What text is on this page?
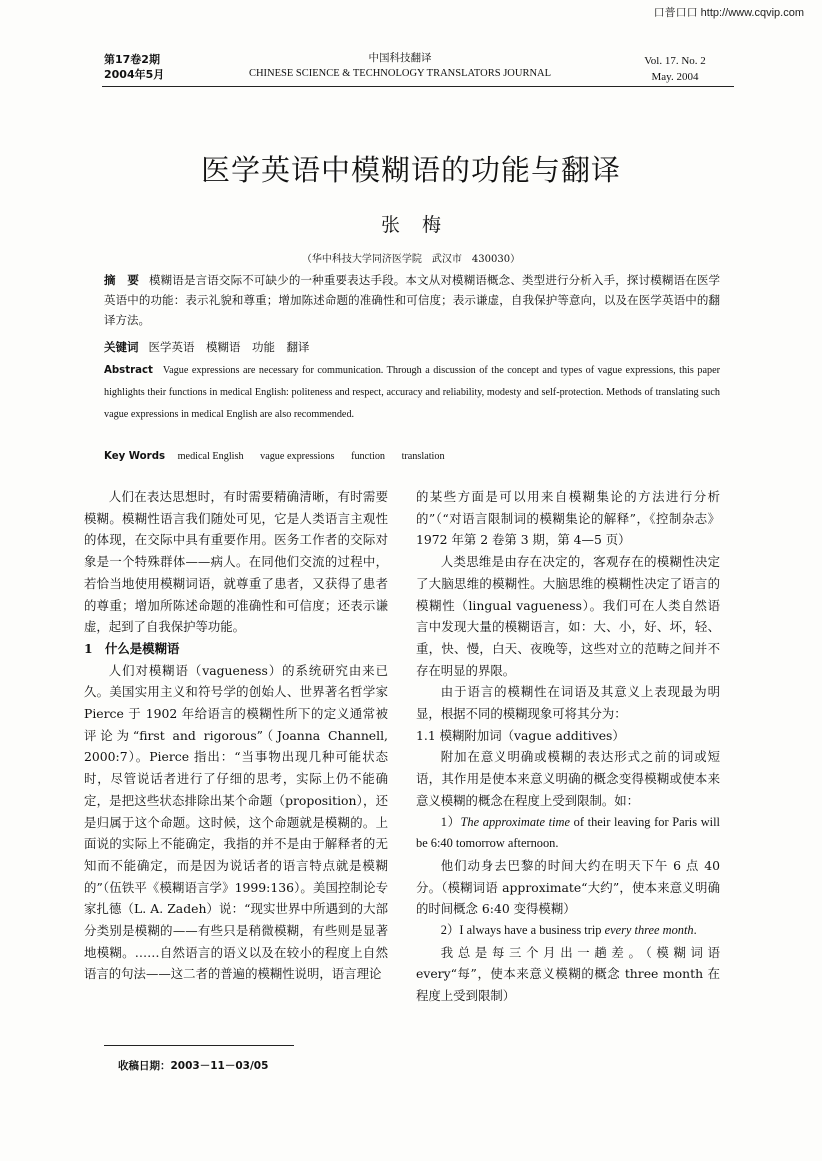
口普口口 http://www.cqvip.com
第17卷2期
2004年5月
中国科技翻译
CHINESE SCIENCE & TECHNOLOGY TRANSLATORS JOURNAL
Vol. 17. No. 2
May. 2004
医学英语中模糊语的功能与翻译
张梅
（华中科技大学同济医学院　武汉市　430030）
摘　要 模糊语是言语交际不可缺少的一种重要表达手段。本文从对模糊语概念、类型进行分析入手，探讨模糊语在医学英语中的功能：表示礼貌和尊重；增加陈述命题的准确性和可信度；表示谦虚，自我保护等意向，以及在医学英语中的翻译方法。
关键词 医学英语　模糊语　功能　翻译
Abstract Vague expressions are necessary for communication. Through a discussion of the concept and types of vague expressions, this paper highlights their functions in medical English: politeness and respect, accuracy and reliability, modesty and self-protection. Methods of translating such vague expressions in medical English are also recommended.
Key Words medical English vague expressions function translation

人们在表达思想时，有时需要精确清晰，有时需要模糊。模糊性语言我们随处可见，它是人类语言主观性的体现，在交际中具有重要作用。医务工作者的交际对象是一个特殊群体——病人。在同他们交流的过程中，若恰当地使用模糊词语，就尊重了患者，又获得了患者的尊重；增加所陈述命题的准确性和可信度；还表示谦虚，起到了自我保护等功能。

1　什么是模糊语

人们对模糊语（vagueness）的系统研究由来已久。美国实用主义和符号学的创始人、世界著名哲学家 Pierce 于 1902 年给语言的模糊性所下的定义通常被评论为“first and rigorous”（Joanna Channell, 2000:7）。Pierce 指出：“当事物出现几种可能状态时，尽管说话者进行了仔细的思考，实际上仍不能确定，是把这些状态排除出某个命题（proposition），还是归属于这个命题。这时候，这个命题就是模糊的。上面说的实际上不能确定，我指的并不是由于解释者的无知而不能确定，而是因为说话者的语言特点就是模糊的”（伍铁平《模糊语言学》1999:136）。美国控制论专家扎德（L. A. Zadeh）说：“现实世界中所遇到的大部分类别是模糊的——有些只是稍微模糊，有些则是显著地模糊。……自然语言的语义以及在较小的程度上自然语言的句法——这二者的普遍的模糊性说明，语言理论

的某些方面是可以用来自模糊集论的方法进行分析的”（“对语言限制词的模糊集论的解释”，《控制杂志》1972 年第 2 卷第 3 期，第 4—5 页）

人类思维是由存在决定的，客观存在的模糊性决定了大脑思维的模糊性。大脑思维的模糊性决定了语言的模糊性（lingual vagueness）。我们可在人类自然语言中发现大量的模糊语言，如：大、小，好、坏，轻、重，快、慢，白天、夜晚等，这些对立的范畴之间并不存在明显的界限。

由于语言的模糊性在词语及其意义上表现最为明显，根据不同的模糊现象可将其分为：

1.1 模糊附加词（vague additives）

附加在意义明确或模糊的表达形式之前的词或短语，其作用是使本来意义明确的概念变得模糊或使本来意义模糊的概念在程度上受到限制。如：

1）The approximate time of their leaving for Paris will be 6:40 tomorrow afternoon.

他们动身去巴黎的时间大约在明天下午 6 点 40 分。（模糊词语 approximate“大约”，使本来意义明确的时间概念 6:40 变得模糊）

2）I always have a business trip every three month.

我总是每三个月出一趟差。（模糊词语 every“每”，使本来意义模糊的概念 three month 在程度上受到限制）

收稿日期：2003－11－03/05
